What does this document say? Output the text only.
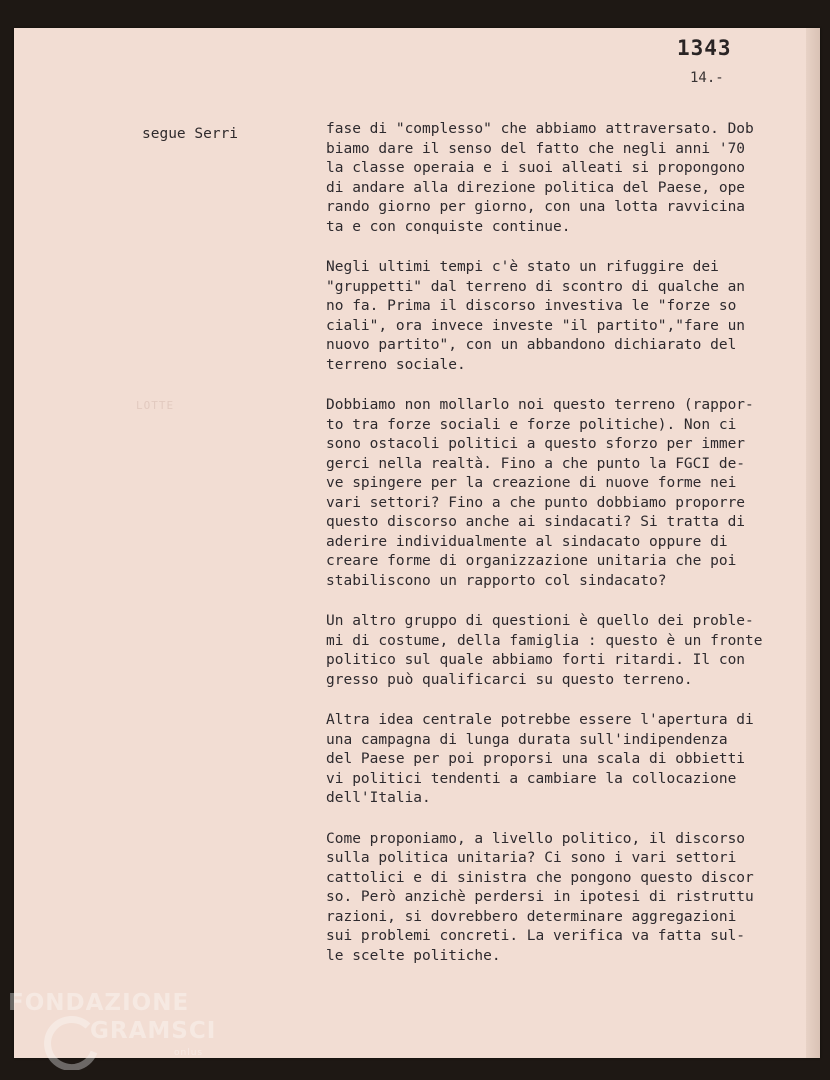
1343
14.-
segue Serri
LOTTE
fase di "complesso" che abbiamo attraversato. Dob
biamo dare il senso del fatto che negli anni '70
la classe operaia e i suoi alleati si propongono
di andare alla direzione politica del Paese, ope
rando giorno per giorno, con una lotta ravvicina
ta e con conquiste continue.
Negli ultimi tempi c'è stato un rifuggire dei
"gruppetti" dal terreno di scontro di qualche an
no fa. Prima il discorso investiva le "forze so
ciali", ora invece investe "il partito","fare un
nuovo partito", con un abbandono dichiarato del
terreno sociale.
Dobbiamo non mollarlo noi questo terreno (rappor-
to tra forze sociali e forze politiche). Non ci
sono ostacoli politici a questo sforzo per immer
gerci nella realtà. Fino a che punto la FGCI de-
ve spingere per la creazione di nuove forme nei
vari settori? Fino a che punto dobbiamo proporre
questo discorso anche ai sindacati? Si tratta di
aderire individualmente al sindacato oppure di
creare forme di organizzazione unitaria che poi
stabiliscono un rapporto col sindacato?
Un altro gruppo di questioni è quello dei proble-
mi di costume, della famiglia : questo è un fronte
politico sul quale abbiamo forti ritardi. Il con
gresso può qualificarci su questo terreno.
Altra idea centrale potrebbe essere l'apertura di
una campagna di lunga durata sull'indipendenza
del Paese per poi proporsi una scala di obbietti
vi politici tendenti a cambiare la collocazione
dell'Italia.
Come proponiamo, a livello politico, il discorso
sulla politica unitaria? Ci sono i vari settori
cattolici e di sinistra che pongono questo discor
so. Però anzichè perdersi in ipotesi di ristruttu
razioni, si dovrebbero determinare aggregazioni
sui problemi concreti. La verifica va fatta sul-
le scelte politiche.
FONDAZIONE
GRAMSCI
onlus
